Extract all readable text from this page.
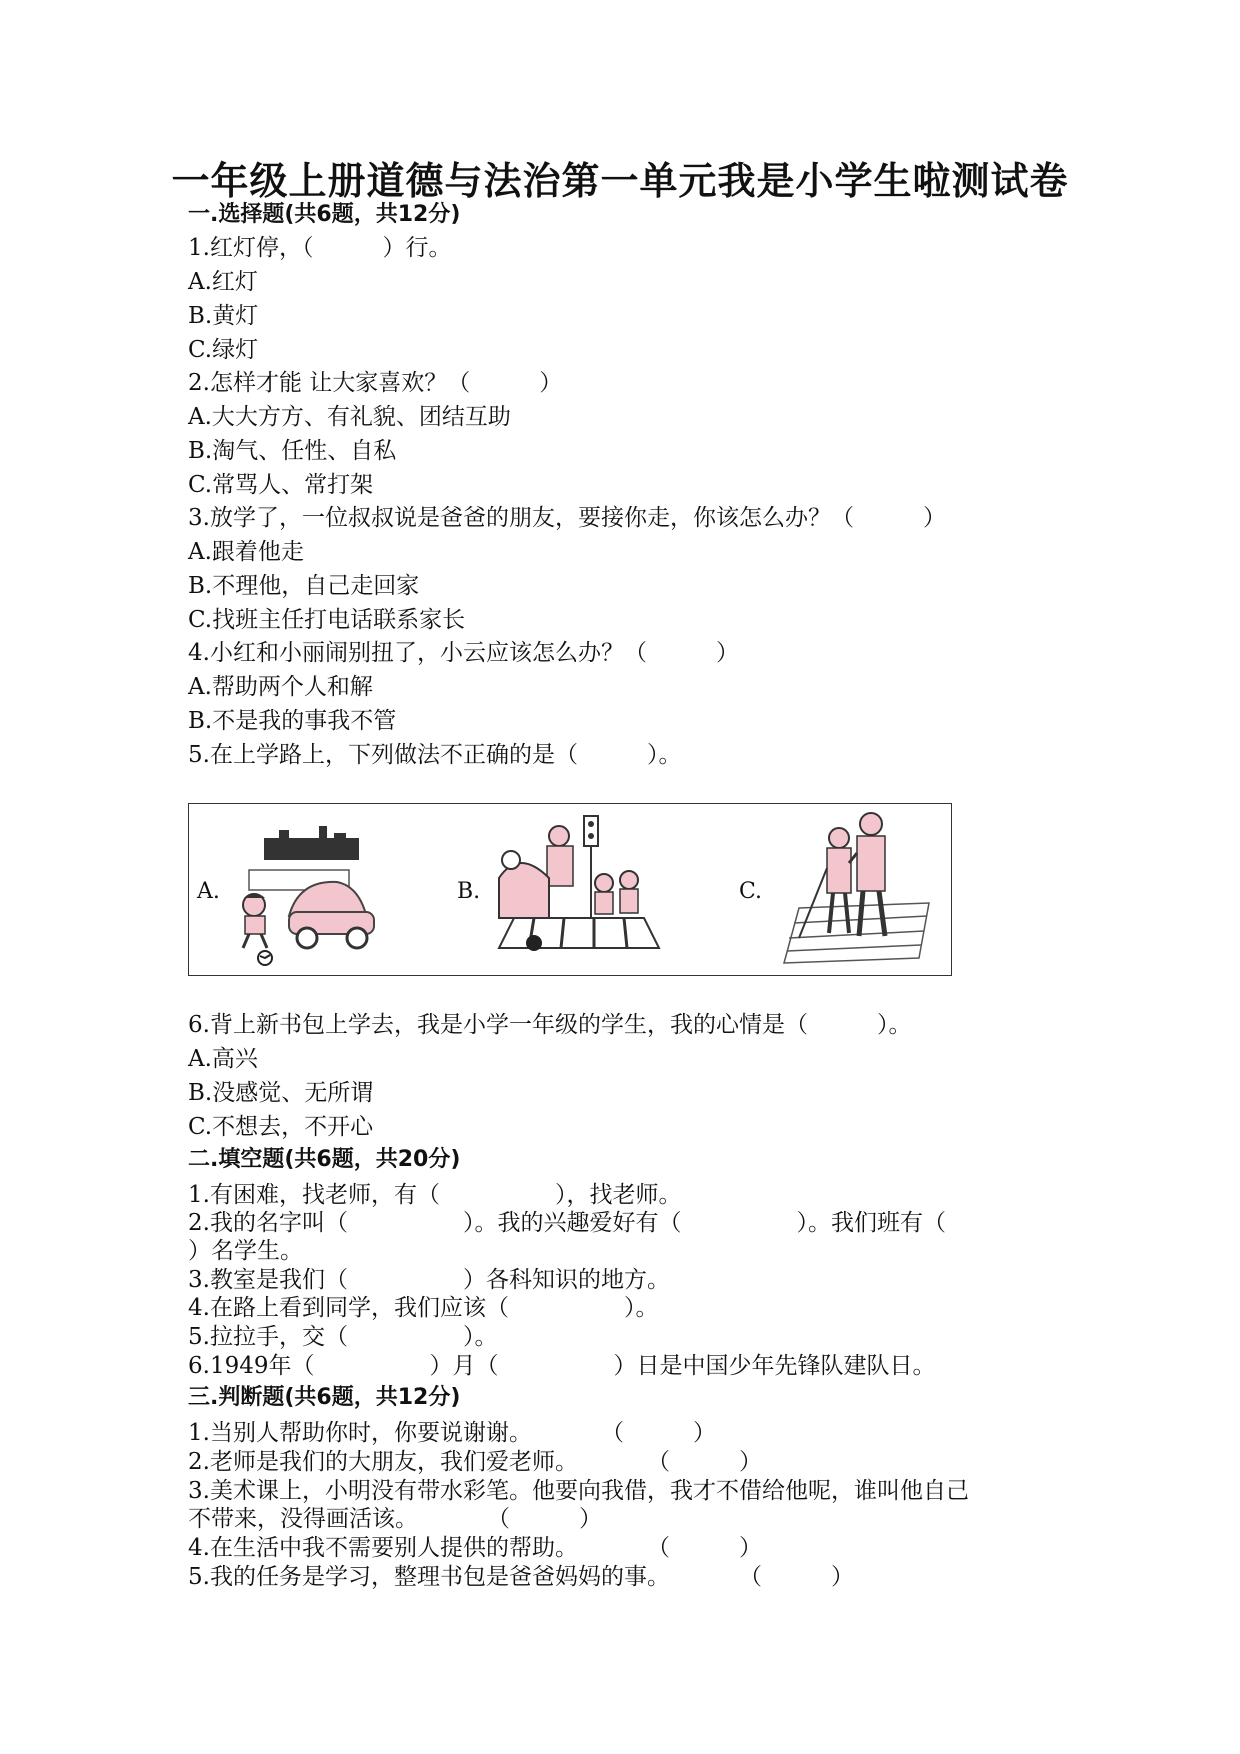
一年级上册道德与法治第一单元我是小学生啦测试卷
一.选择题(共6题，共12分)
1.红灯停，（　　　）行。
A.红灯
B.黄灯
C.绿灯
2.怎样才能 让大家喜欢？（　　　）
A.大大方方、有礼貌、团结互助
B.淘气、任性、自私
C.常骂人、常打架
3.放学了，一位叔叔说是爸爸的朋友，要接你走，你该怎么办？（　　　）
A.跟着他走
B.不理他，自己走回家
C.找班主任打电话联系家长
4.小红和小丽闹别扭了，小云应该怎么办？（　　　）
A.帮助两个人和解
B.不是我的事我不管
5.在上学路上，下列做法不正确的是（　　　）。
A.	B.	C.
6.背上新书包上学去，我是小学一年级的学生，我的心情是（　　　）。
A.高兴
B.没感觉、无所谓
C.不想去，不开心
二.填空题(共6题，共20分)
1.有困难，找老师，有（　　　　　），找老师。
2.我的名字叫（　　　　　）。我的兴趣爱好有（　　　　　）。我们班有（
）名学生。
3.教室是我们（　　　　　）各科知识的地方。
4.在路上看到同学，我们应该（　　　　　）。
5.拉拉手，交（　　　　　）。
6.1949年（　　　　　）月（　　　　　）日是中国少年先锋队建队日。
三.判断题(共6题，共12分)
1.当别人帮助你时，你要说谢谢。　　　　（　　　）
2.老师是我们的大朋友，我们爱老师。　　　　（　　　）
3.美术课上，小明没有带水彩笔。他要向我借，我才不借给他呢，谁叫他自己
不带来，没得画活该。　　　　（　　　）
4.在生活中我不需要别人提供的帮助。　　　　（　　　）
5.我的任务是学习，整理书包是爸爸妈妈的事。　　　　（　　　）
